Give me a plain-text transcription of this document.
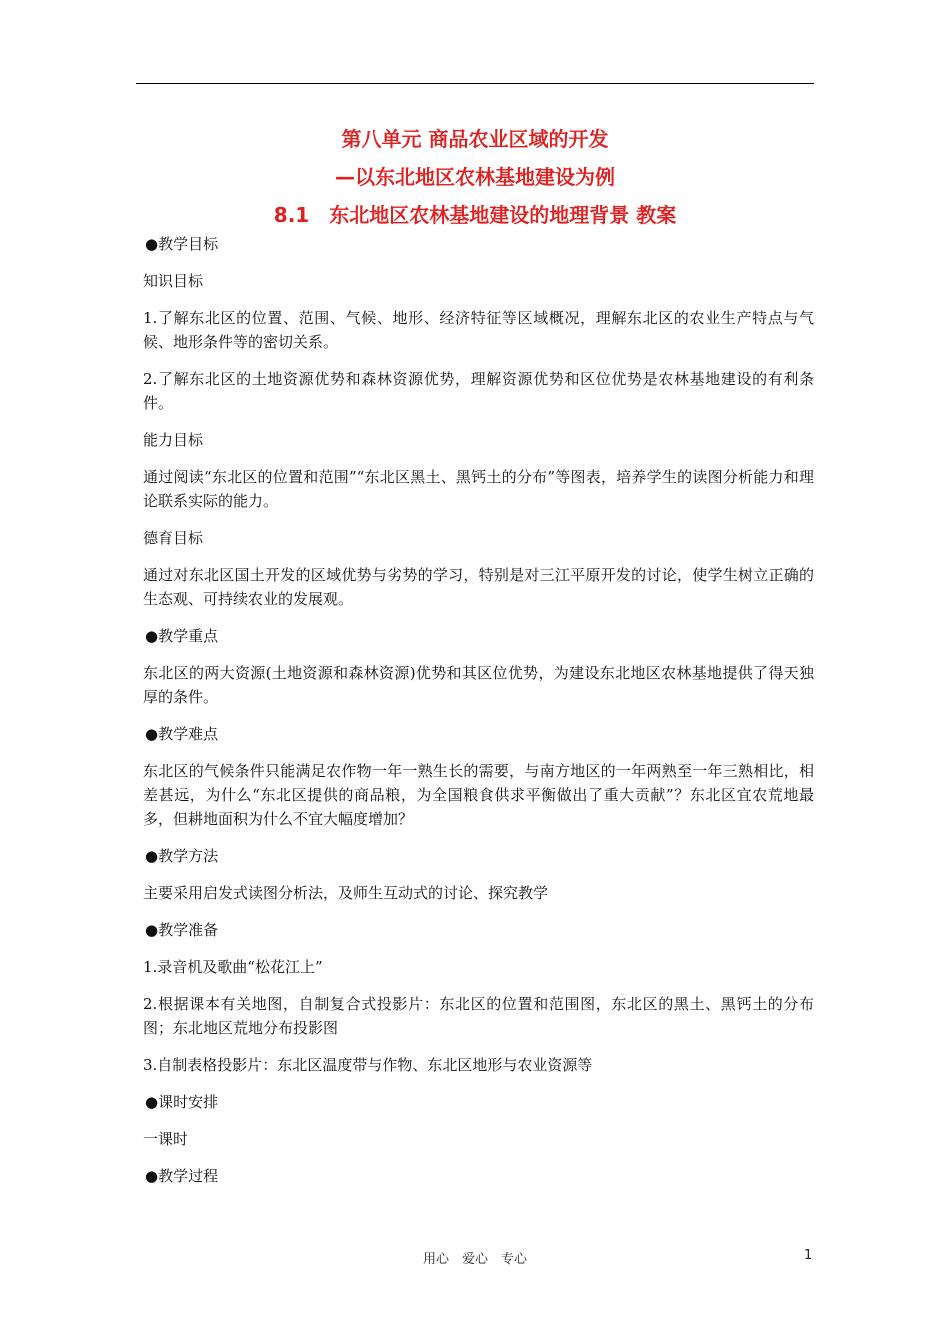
第八单元 商品农业区域的开发
—以东北地区农林基地建设为例
8.1　东北地区农林基地建设的地理背景 教案

●教学目标

知识目标

1.了解东北区的位置、范围、气候、地形、经济特征等区域概况，理解东北区的农业生产特点与气候、地形条件等的密切关系。

2.了解东北区的土地资源优势和森林资源优势，理解资源优势和区位优势是农林基地建设的有利条件。

能力目标

通过阅读“东北区的位置和范围”“东北区黑土、黑钙土的分布”等图表，培养学生的读图分析能力和理论联系实际的能力。

德育目标

通过对东北区国土开发的区域优势与劣势的学习，特别是对三江平原开发的讨论，使学生树立正确的生态观、可持续农业的发展观。

●教学重点

东北区的两大资源(土地资源和森林资源)优势和其区位优势，为建设东北地区农林基地提供了得天独厚的条件。

●教学难点

东北区的气候条件只能满足农作物一年一熟生长的需要，与南方地区的一年两熟至一年三熟相比，相差甚远，为什么“东北区提供的商品粮，为全国粮食供求平衡做出了重大贡献”？东北区宜农荒地最多，但耕地面积为什么不宜大幅度增加？

●教学方法

主要采用启发式读图分析法，及师生互动式的讨论、探究教学

●教学准备

1.录音机及歌曲“松花江上”

2.根据课本有关地图，自制复合式投影片：东北区的位置和范围图，东北区的黑土、黑钙土的分布图；东北地区荒地分布投影图

3.自制表格投影片：东北区温度带与作物、东北区地形与农业资源等

●课时安排

一课时

●教学过程

用心　爱心　专心	1
